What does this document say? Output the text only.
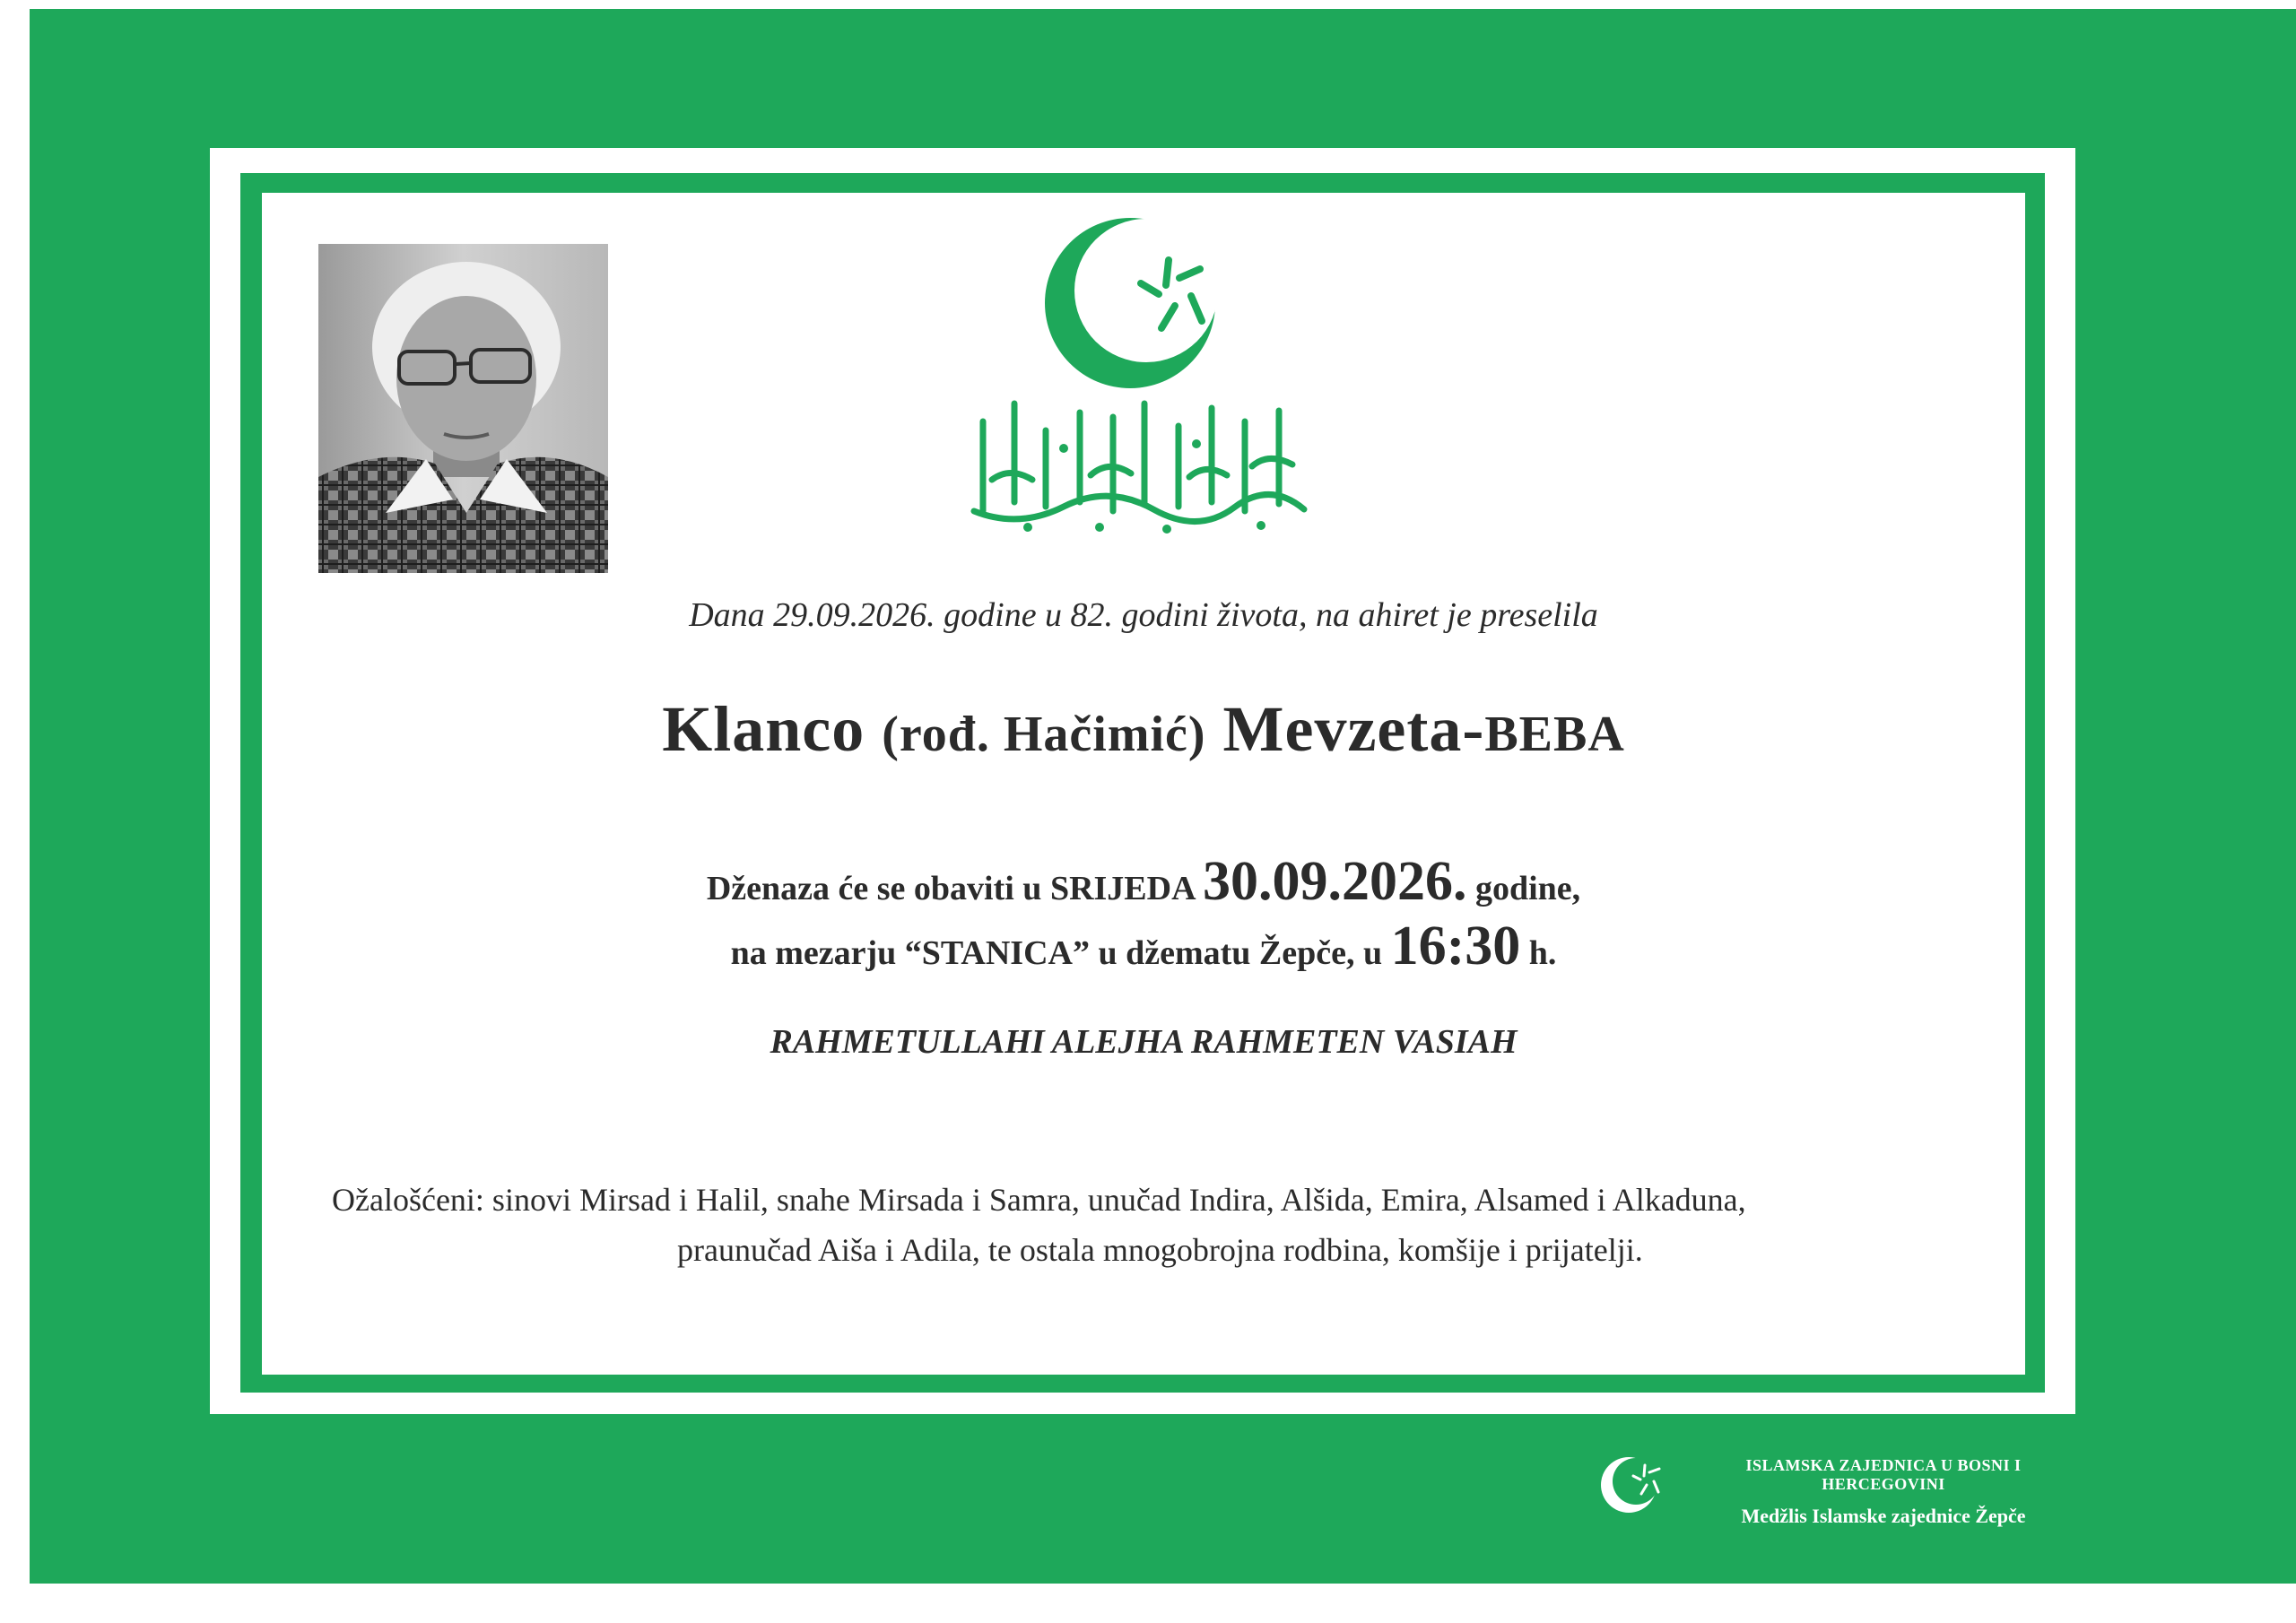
Dana 29.09.2026. godine u 82. godini života, na ahiret je preselila
Klanco (rođ. Hačimić) Mevzeta-BEBA
Dženaza će se obaviti u SRIJEDA 30.09.2026. godine,
na mezarju “STANICA” u džematu Žepče, u 16:30 h.
RAHMETULLAHI ALEJHA RAHMETEN VASIAH
Ožalošćeni: sinovi Mirsad i Halil, snahe Mirsada i Samra, unučad Indira, Alšida, Emira, Alsamed i Alkaduna,
praunučad Aiša i Adila, te ostala mnogobrojna rodbina, komšije i prijatelji.
ISLAMSKA ZAJEDNICA U BOSNI I HERCEGOVINI
Medžlis Islamske zajednice Žepče
